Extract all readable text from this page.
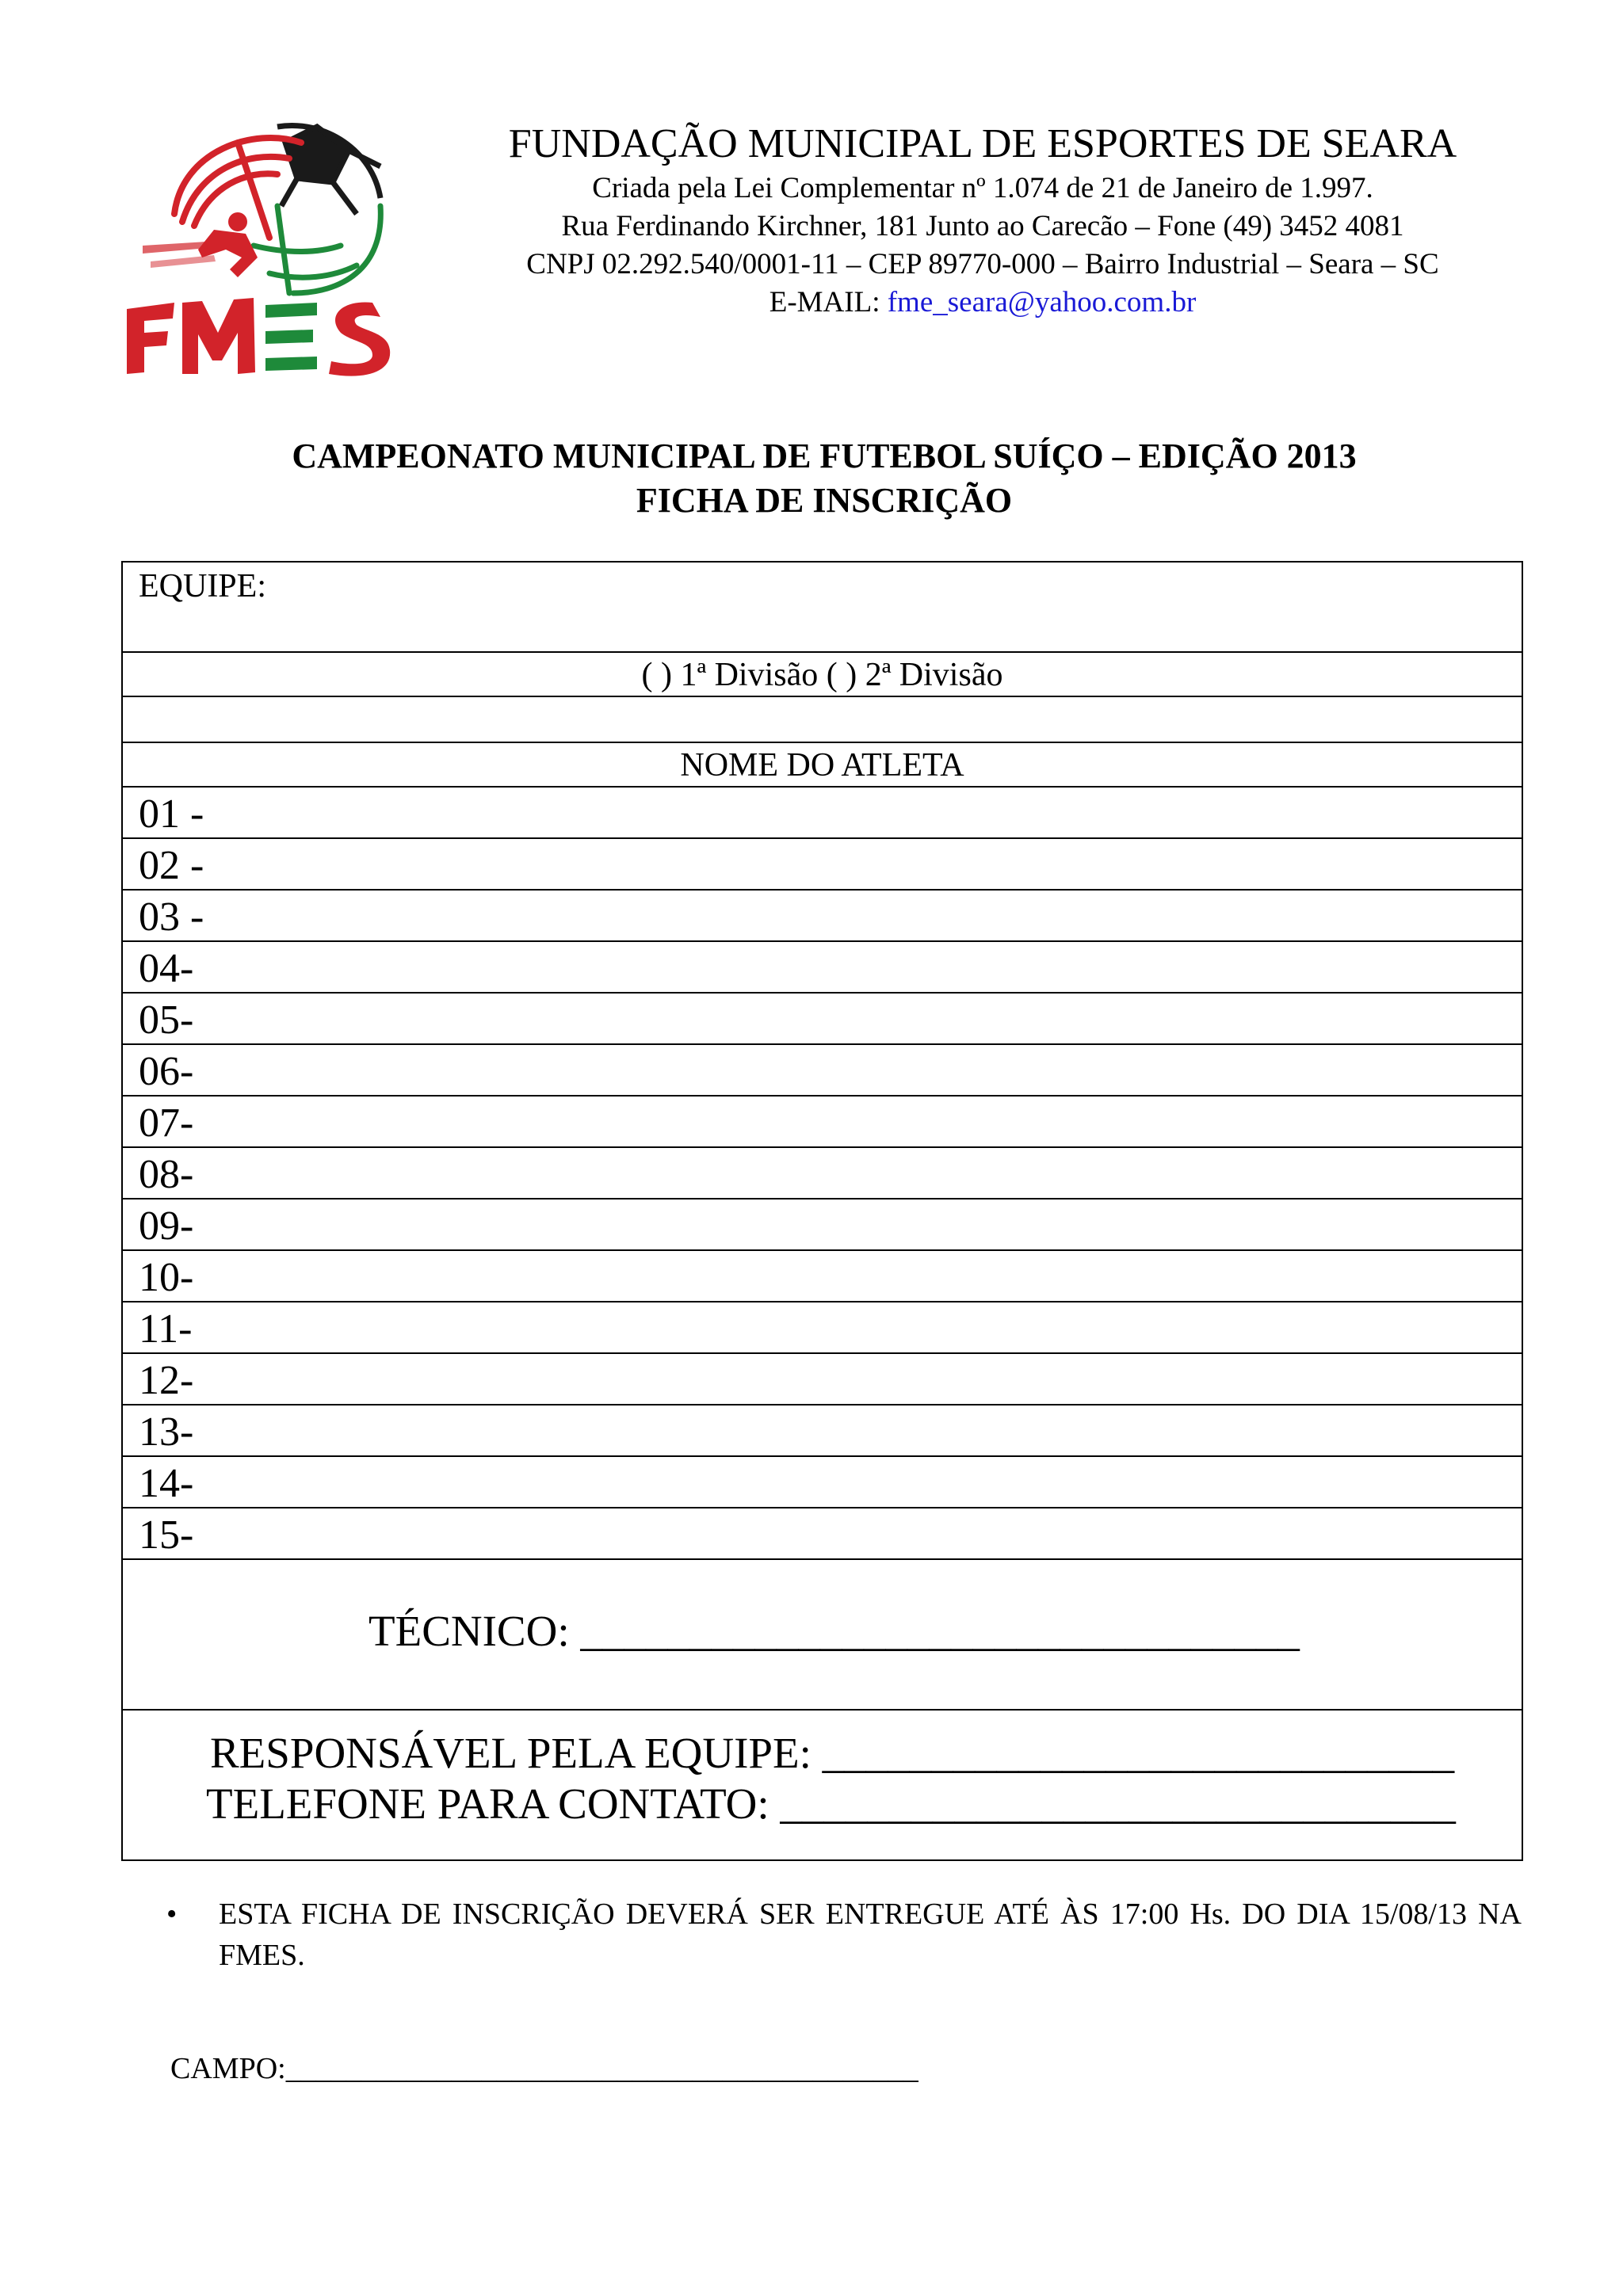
FUNDAÇÃO MUNICIPAL DE ESPORTES DE SEARA
Criada pela Lei Complementar nº 1.074 de 21 de Janeiro de 1.997.
Rua Ferdinando Kirchner, 181 Junto ao Carecão – Fone (49) 3452 4081
CNPJ 02.292.540/0001-11 – CEP 89770-000 – Bairro Industrial – Seara – SC
E-MAIL: fme_seara@yahoo.com.br
CAMPEONATO MUNICIPAL DE FUTEBOL SUÍÇO – EDIÇÃO 2013
FICHA DE INSCRIÇÃO
EQUIPE:
( ) 1ª Divisão ( ) 2ª Divisão
NOME DO ATLETA
01 -
02 -
03 -
04-
05-
06-
07-
08-
09-
10-
11-
12-
13-
14-
15-
TÉCNICO: _________________________________
RESPONSÁVEL PELA EQUIPE: _____________________________
TELEFONE PARA CONTATO: _______________________________
• ESTA FICHA DE INSCRIÇÃO DEVERÁ SER ENTREGUE ATÉ ÀS 17:00 Hs. DO DIA 15/08/13 NA FMES.
CAMPO:__________________________________________
